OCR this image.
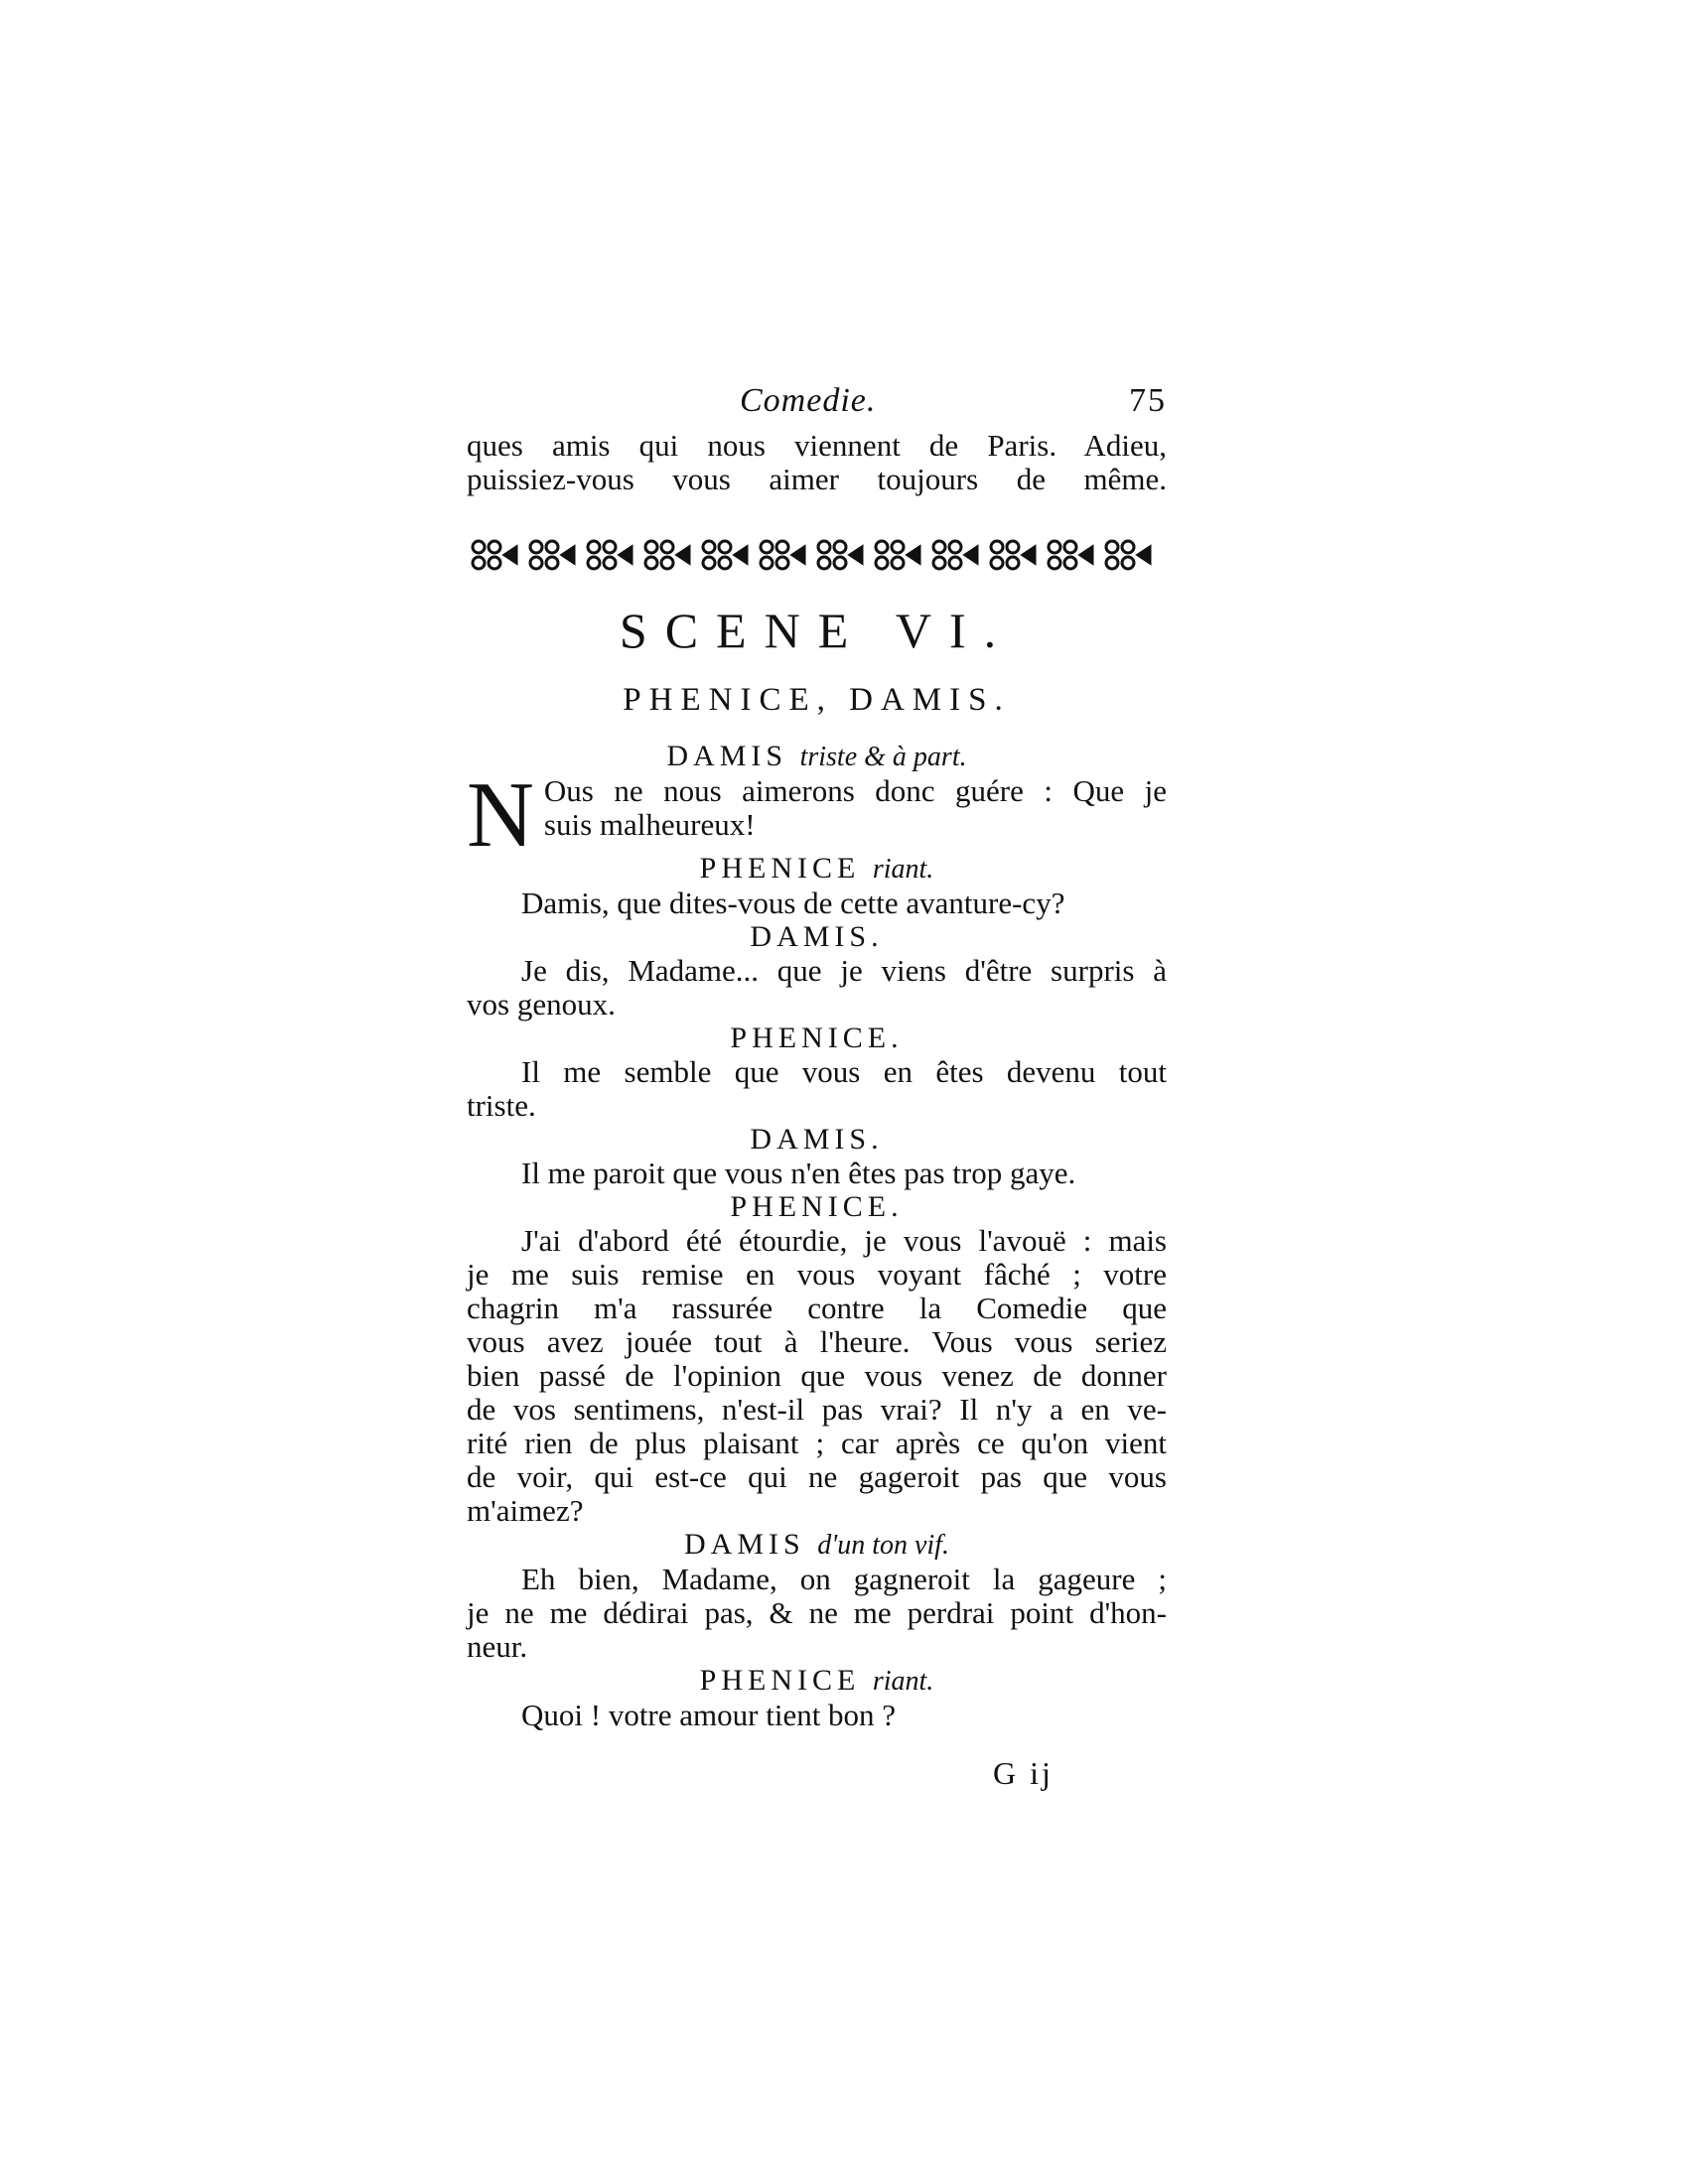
Comedie.	75
ques amis qui nous viennent de Paris. Adieu,
puissiez-vous vous aimer toujours de même.
SCENE VI.
PHENICE, DAMIS.
DAMIS triste & à part.
N Ous ne nous aimerons donc guére : Que je
suis malheureux!
PHENICE riant.
Damis, que dites-vous de cette avanture-cy?
DAMIS.
Je dis, Madame... que je viens d'être surpris à
vos genoux.
PHENICE.
Il me semble que vous en êtes devenu tout
triste.
DAMIS.
Il me paroit que vous n'en êtes pas trop gaye.
PHENICE.
J'ai d'abord été étourdie, je vous l'avouë : mais
je me suis remise en vous voyant fâché ; votre
chagrin m'a rassurée contre la Comedie que
vous avez jouée tout à l'heure. Vous vous seriez
bien passé de l'opinion que vous venez de donner
de vos sentimens, n'est-il pas vrai? Il n'y a en ve-
rité rien de plus plaisant ; car après ce qu'on vient
de voir, qui est-ce qui ne gageroit pas que vous
m'aimez?
DAMIS d'un ton vif.
Eh bien, Madame, on gagneroit la gageure ;
je ne me dédirai pas, & ne me perdrai point d'hon-
neur.
PHENICE riant.
Quoi ! votre amour tient bon ?
G ij
